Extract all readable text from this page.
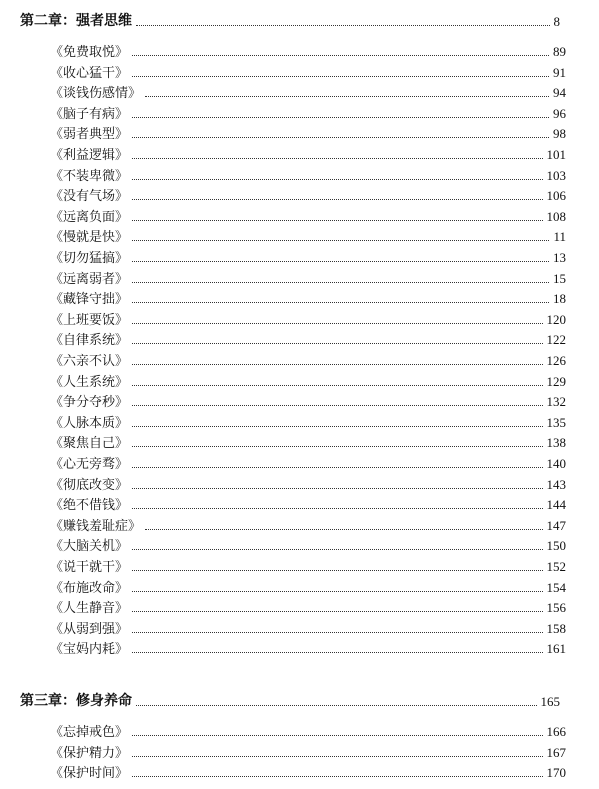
第二章：强者思维	8
《免费取悦》	89
《收心猛干》	91
《谈钱伤感情》	94
《脑子有病》	96
《弱者典型》	98
《利益逻辑》	101
《不装卑微》	103
《没有气场》	106
《远离负面》	108
《慢就是快》	11
《切勿猛搞》	13
《远离弱者》	15
《藏锋守拙》	18
《上班要饭》	120
《自律系统》	122
《六亲不认》	126
《人生系统》	129
《争分夺秒》	132
《人脉本质》	135
《聚焦自己》	138
《心无旁骛》	140
《彻底改变》	143
《绝不借钱》	144
《赚钱羞耻症》	147
《大脑关机》	150
《说干就干》	152
《布施改命》	154
《人生静音》	156
《从弱到强》	158
《宝妈内耗》	161
第三章：修身养命	165
《忘掉戒色》	166
《保护精力》	167
《保护时间》	170
